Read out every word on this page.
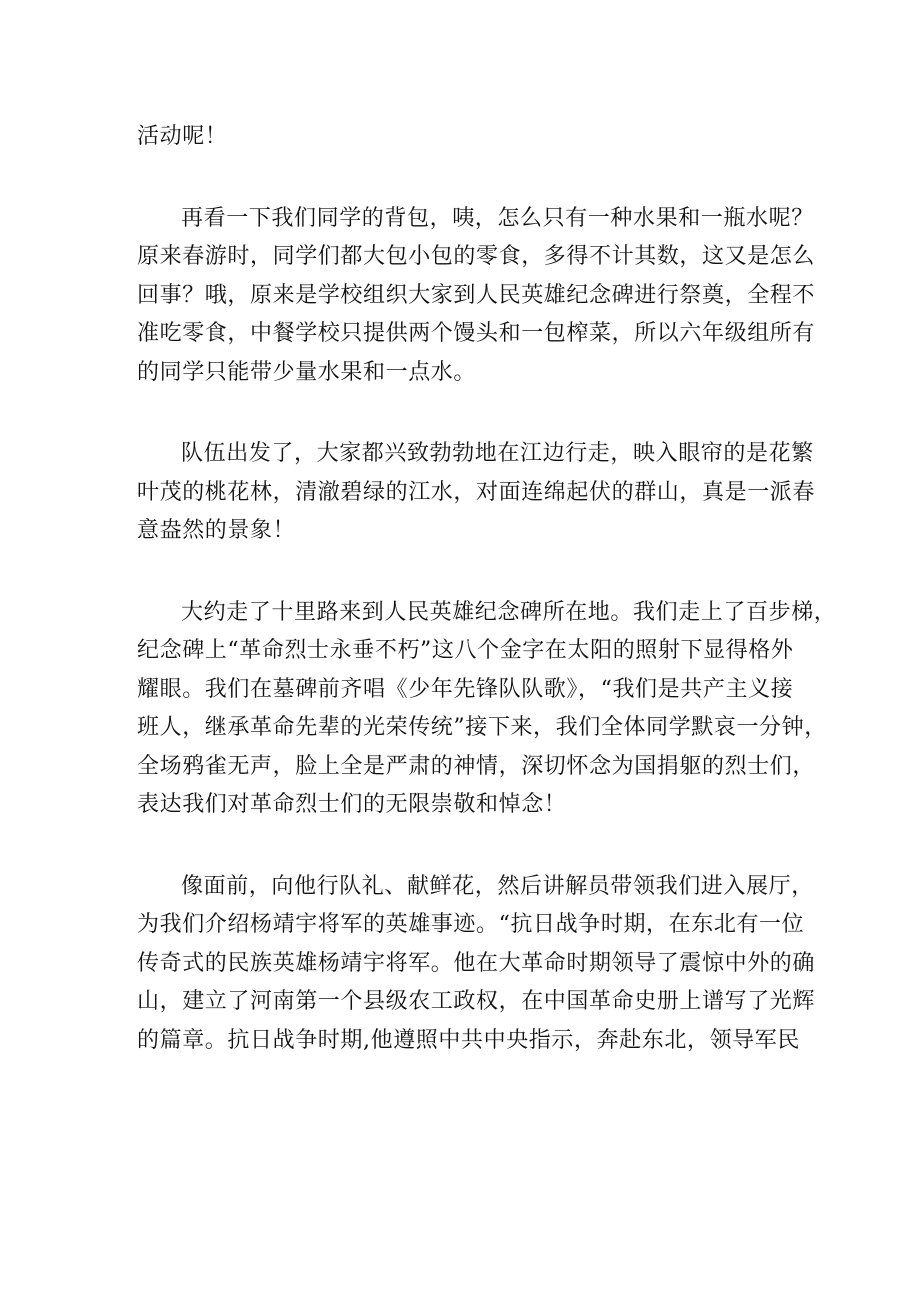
活动呢！

再看一下我们同学的背包，咦，怎么只有一种水果和一瓶水呢？
原来春游时，同学们都大包小包的零食，多得不计其数，这又是怎么
回事？哦，原来是学校组织大家到人民英雄纪念碑进行祭奠，全程不
准吃零食，中餐学校只提供两个馒头和一包榨菜，所以六年级组所有
的同学只能带少量水果和一点水。

队伍出发了，大家都兴致勃勃地在江边行走，映入眼帘的是花繁
叶茂的桃花林，清澈碧绿的江水，对面连绵起伏的群山，真是一派春
意盎然的景象！

大约走了十里路来到人民英雄纪念碑所在地。我们走上了百步梯，
纪念碑上“革命烈士永垂不朽”这八个金字在太阳的照射下显得格外
耀眼。我们在墓碑前齐唱《少年先锋队队歌》，“我们是共产主义接
班人，继承革命先辈的光荣传统”接下来，我们全体同学默哀一分钟，
全场鸦雀无声，脸上全是严肃的神情，深切怀念为国捐躯的烈士们，
表达我们对革命烈士们的无限崇敬和悼念！

像面前，向他行队礼、献鲜花，然后讲解员带领我们进入展厅，
为我们介绍杨靖宇将军的英雄事迹。“抗日战争时期，在东北有一位
传奇式的民族英雄杨靖宇将军。他在大革命时期领导了震惊中外的确
山，建立了河南第一个县级农工政权，在中国革命史册上谱写了光辉
的篇章。抗日战争时期,他遵照中共中央指示，奔赴东北，领导军民
